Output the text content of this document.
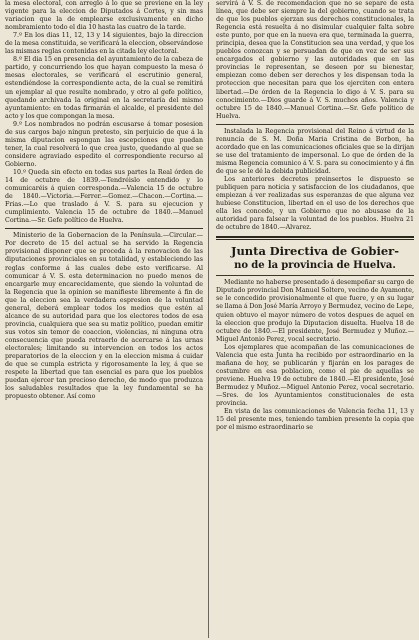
la mesa electoral, con arreglo á lo que se previene en la ley vigente para la eleccion de Diputados á Cortes, y sin mas variacion que la de emplearse exclusivamente en dicho nombramiento todo el dia 10 hasta las cuatro de la tarde.

7.º En los dias 11, 12, 13 y 14 siguientes, bajo la direccion de la mesa constituida, se verificará la eleccion, observándose las mismas reglas contenidas en la citada ley electoral.

8.º El dia 15 en presencia del ayuntamiento de la cabeza de partido, y concurriendo los que hayan compuesto la mesa ó mesas electorales, se verificará el escrutinio general, estendiéndose la correspondiente acta, de la cual se remitirá un ejemplar al que resulte nombrado, y otro al gefe político, quedando archivada la original en la secretaría del mismo ayuntamiento: en todas firmarán el alcalde, el presidente del acto y los que compongan la mesa.

9.º Los nombrados no podrán escusarse á tomar posesion de sus cargos bajo ningun pretesto, sin perjuicio de que á la misma diputacion espongan las escepciones que puedan tener, la cual resolverá lo que crea justo, quedando al que se considere agraviado espedito el correspondiente recurso al Gobierno.

10.º Queda sin efecto en todas sus partes la Real órden de 14 de octubre de 1839.—Tendréislo entendido y lo comunicaréis á quien corresponda.—Valencia 15 de octubre de 1840.—Victoria.—Ferrer.—Gomez.—Chacon.—Cortina.—Frias.—Lo que traslado á V. S. para su ejecucion y cumplimiento. Valencia 15 de octubre de 1840.—Manuel Cortina.—Sr. Gefe político de Huelva.

Ministerio de la Gobernacion de la Península.—Circular.—Por decreto de 15 del actual se ha servido la Regencia provisional disponer que se proceda á la renovacion de las diputaciones provinciales en su totalidad, y estableciendo las reglas conforme á las cuales debe esto verificarse. Al comunicar á V. S. esta determinacion no puedo menos de encargarle muy encarecidamente, que siendo la voluntad de la Regencia que la opinion se manifieste libremente á fin de que la eleccion sea la verdadera espresion de la voluntad general, deberá emplear todos los medios que estén al alcance de su autoridad para que los electores todos de esa provincia, cualquiera que sea su matiz político, puedan emitir sus votos sin temor de coaccion, violencias, ni ninguna otra consecuencia que pueda retraerlo de acercarse á las urnas electorales; limitando su intervencion en todos los actos preparatorios de la eleccion y en la eleccion misma á cuidar de que se cumpla estricta y rigorosamente la ley, á que se respete la libertad que tan esencial es para que los pueblos puedan ejercer tan precioso derecho, de modo que produzca los saludables resultados que la ley fundamental se ha propuesto obtener. Así como

servirá á V. S. de recomendacion que no se separe de esta línea, que debe ser siempre la del gobierno, cuando se trata de que los pueblos ejerzan sus derechos constitucionales, la Regencia está resuelta á no disimular cualquier falta sobre este punto, por que en la nueva era que, terminada la guerra, principia, desea que la Constitucion sea una verdad, y que los pueblos conozcan y se persuadan de que en vez de ser sus encargados el gobierno y las autoridades que en las provincias le representan, se deseen por su bienestar, empiezan como deben ser derechos y les dispensan toda la proteccion que necesitan para que los ejerciten con entera libertad.—De órden de la Regencia lo digo á V. S. para su conocimiento.—Dios guarde á V. S. muchos años. Valencia y octubre 15 de 1840.—Manuel Cortina.—Sr. Gefe político de Huelva.

Instalada la Regencia provisional del Reino á virtud de la renuncia de S. M. Doña Maria Cristina de Borbon, ha acordado que en las comunicaciones oficiales que se la dirijan se use del tratamiento de impersonal. Lo que de órden de la misma Regencia comunico á V. S. para su conocimiento y á fin de que se le dé la debida publicidad.

Los anteriores decretos preinsertos le dispuesto se publiquen para noticia y satisfaccion de los ciudadanos, que empiezan á ver realizadas sus esperanzas de que alguna vez hubiese Constitucion, libertad en el uso de los derechos que ella les concede, y un Gobierno que no abusase de la autoridad para falsear la voluntad de los pueblos. Huelva 21 de octubre de 1840.—Alvarez.

Junta Directiva de Gobier-

no de la provincia de Huelva.

Mediante no haberse presentado á desempeñar su cargo de Diputado provincial Don Manuel Soltero, vecino de Ayamonte, se le concedido provisionalmente el que fuere, y en su lugar se llama á Don José María Arroyo y Bermudez, vecino de Lepe, quien obtuvo el mayor número de votos despues de aquel en la eleccion que produjo la Diputacion disuelta. Huelva 18 de octubre de 1840.—El presidente, José Bermudez y Muñoz.—Miguel Antonio Perez, vocal secretario.

Los ejemplares que acompañan de las comunicaciones de Valencia que esta Junta ha recibido por estraordinario en la mañana de hoy, se publicarán y fijarán en los parages de costumbre en esa poblacion, como el pie de aquellas se previene. Huelva 19 de octubre de 1840.—El presidente, José Bermudez y Muñoz.—Miguel Antonio Perez, vocal secretario.—Sres. de los Ayuntamientos constitucionales de esta provincia.

En vista de las comunicaciones de Valencia fecha 11, 13 y 15 del presente mes, teniendo tambien presente la copia que por el mismo estraordinario se
